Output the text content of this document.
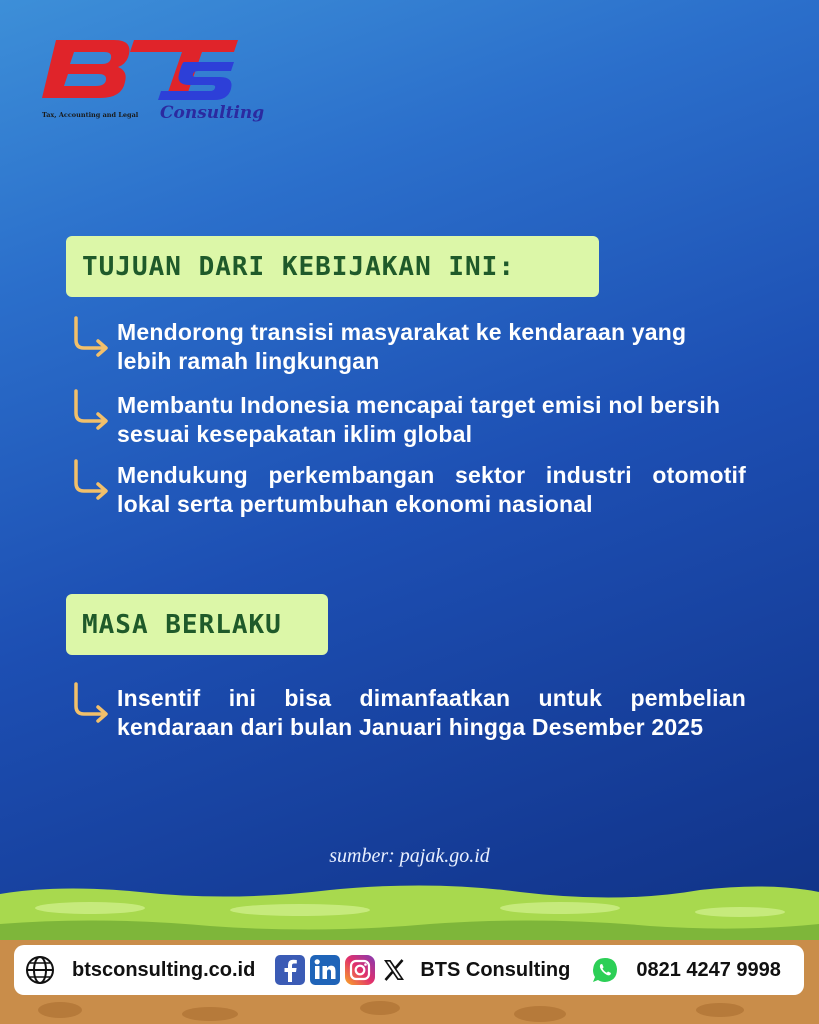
Tax, Accounting and Legal Consulting
TUJUAN DARI KEBIJAKAN INI:
Mendorong transisi masyarakat ke kendaraan yang lebih ramah lingkungan
Membantu Indonesia mencapai target emisi nol bersih sesuai kesepakatan iklim global
Mendukung perkembangan sektor industri otomotif lokal serta pertumbuhan ekonomi nasional
MASA BERLAKU
Insentif ini bisa dimanfaatkan untuk pembelian kendaraan dari bulan Januari hingga Desember 2025
sumber: pajak.go.id
btsconsulting.co.id	BTS Consulting	0821 4247 9998
